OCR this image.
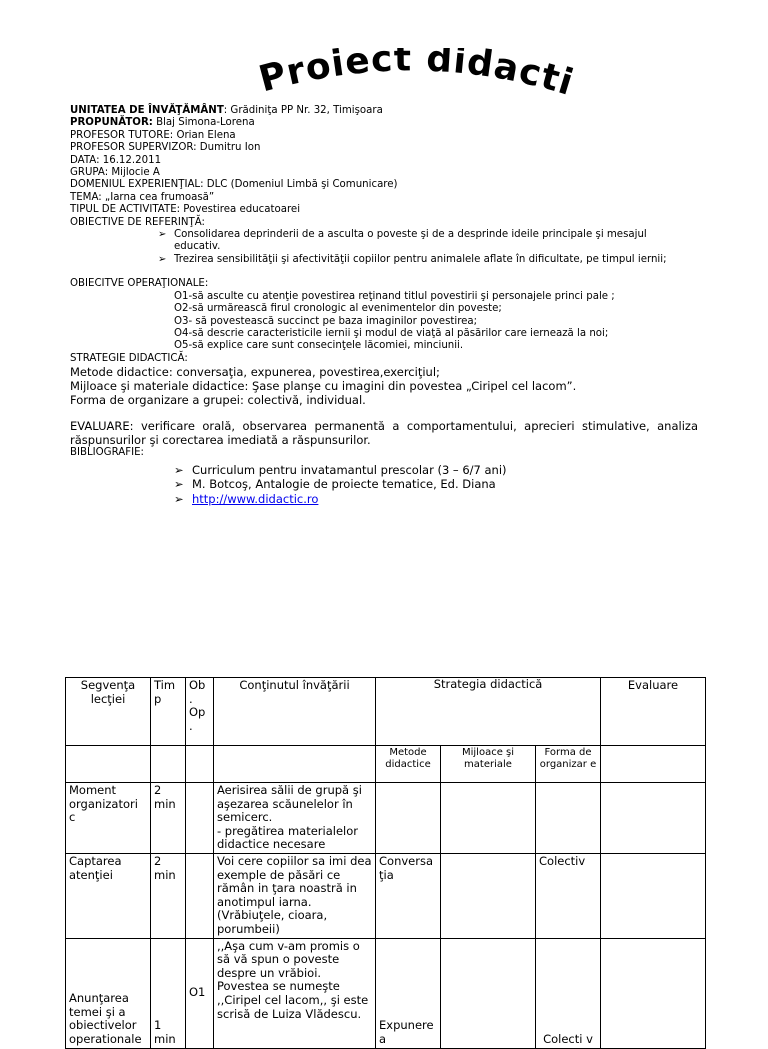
Proiect didacti
UNITATEA DE ÎNVĂŢĂMÂNT: Grădiniţa PP Nr. 32, Timişoara
PROPUNĂTOR: Blaj Simona-Lorena
PROFESOR TUTORE: Orian Elena
PROFESOR SUPERVIZOR: Dumitru Ion
DATA: 16.12.2011
GRUPA: Mijlocie A
DOMENIUL EXPERIENŢIAL: DLC (Domeniul Limbă şi Comunicare)
TEMA: „Iarna cea frumoasă”
TIPUL DE ACTIVITATE: Povestirea educatoarei
OBIECTIVE DE REFERINŢĂ:
➢ Consolidarea deprinderii de a asculta o poveste şi de a desprinde ideile principale şi mesajul educativ.
➢ Trezirea sensibilităţii şi afectivităţii copiilor pentru animalele aflate în dificultate, pe timpul iernii;
OBIECITVE OPERAŢIONALE:
O1-să asculte cu atenţie povestirea reţinand titlul povestirii şi personajele princi pale ;
O2-să urmărească firul cronologic al evenimentelor din poveste;
O3- să povestească succinct pe baza imaginilor povestirea;
O4-să descrie caracteristicile iernii şi modul de viaţă al păsărilor care iernează la noi;
O5-să explice care sunt consecinţele lăcomiei, minciunii.
STRATEGIE DIDACTICĂ:
Metode didactice: conversaţia, expunerea, povestirea,exerciţiul;
Mijloace şi materiale didactice: Şase planşe cu imagini din povestea „Ciripel cel lacom”.
Forma de organizare a grupei: colectivă, individual.
EVALUARE: verificare orală, observarea permanentă a comportamentului, aprecieri stimulative, analiza răspunsurilor şi corectarea imediată a răspunsurilor.
BIBLIOGRAFIE:
➢ Curriculum pentru invatamantul prescolar (3 – 6/7 ani)
➢ M. Botcoş, Antalogie de proiecte tematice, Ed. Diana
➢ http://www.didactic.ro
Segvenţa lecţiei	Tim p	Ob . Op .	Conţinutul învăţării	Strategia didactică			Evaluare
				Metode didactice	Mijloace şi materiale	Forma de organizar e	
Moment organizatori c	2 min		Aerisirea sălii de grupă şi aşezarea scăunelelor în semicerc.
- pregătirea materialelor didactice necesare				
Captarea atenţiei	2 min		Voi cere copiilor sa imi dea exemple de păsări ce rămân in ţara noastră in anotimpul iarna. (Vrăbiuţele, cioara, porumbeii)	Conversa ţia		Colectiv	
Anunţarea temei şi a obiectivelor operationale	1 min	O1	,,Aşa cum v-am promis o să vă spun o poveste despre un vrăbioi. Povestea se numeşte ,,Ciripel cel lacom,, şi este scrisă de Luiza Vlădescu.	Expunere a		Colecti v	
